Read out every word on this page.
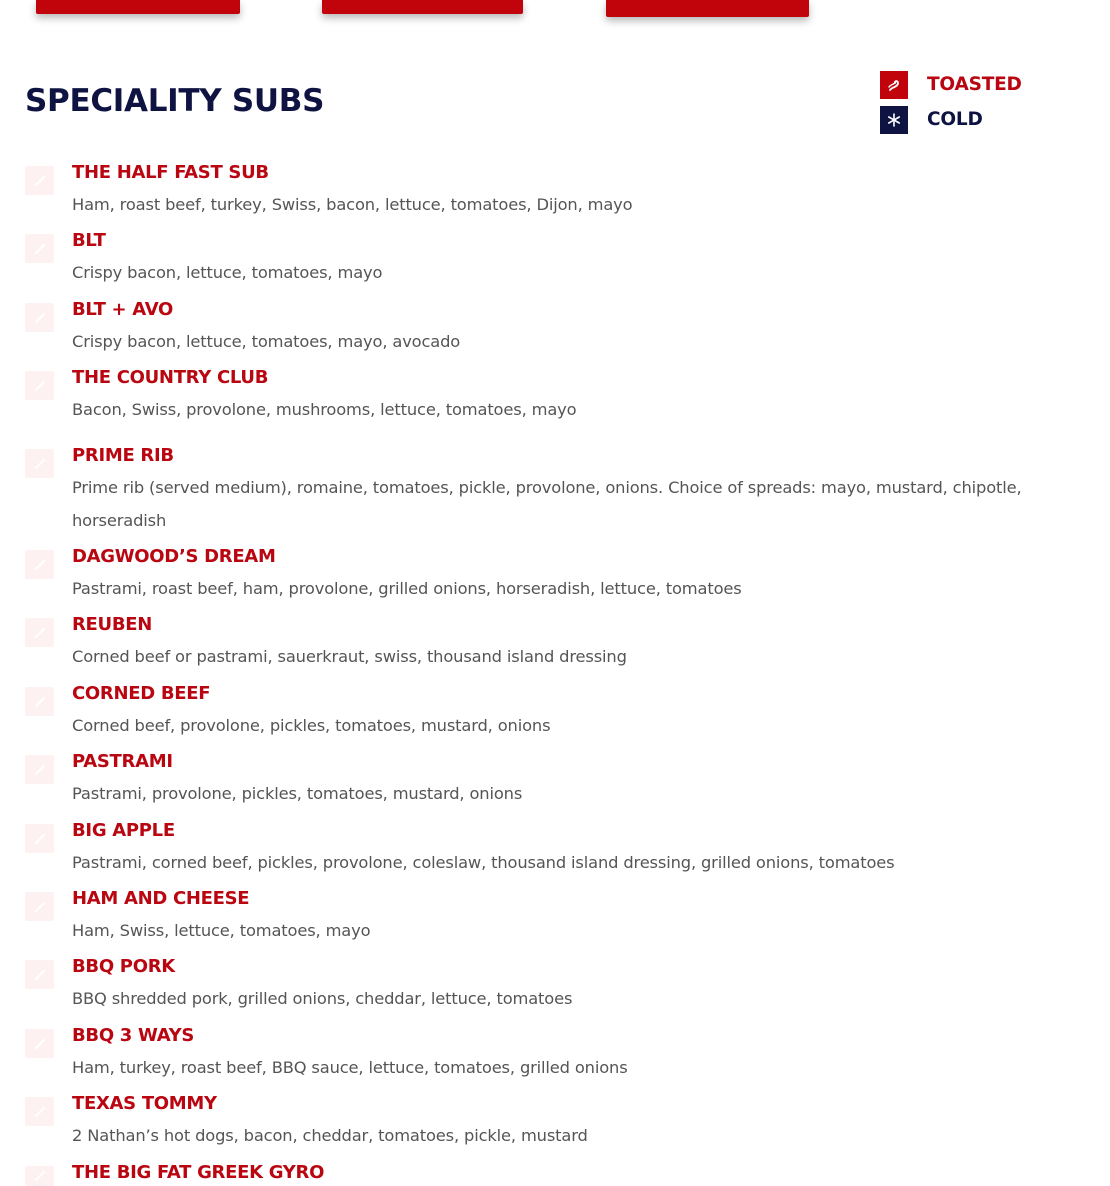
SPECIALITY SUBS	TOASTED
COLD
THE HALF FAST SUB

Ham, roast beef, turkey, Swiss, bacon, lettuce, tomatoes, Dijon, mayo

BLT

Crispy bacon, lettuce, tomatoes, mayo

BLT + AVO

Crispy bacon, lettuce, tomatoes, mayo, avocado

THE COUNTRY CLUB

Bacon, Swiss, provolone, mushrooms, lettuce, tomatoes, mayo

PRIME RIB

Prime rib (served medium), romaine, tomatoes, pickle, provolone, onions. Choice of spreads: mayo, mustard, chipotle, horseradish

DAGWOOD’S DREAM

Pastrami, roast beef, ham, provolone, grilled onions, horseradish, lettuce, tomatoes

REUBEN

Corned beef or pastrami, sauerkraut, swiss, thousand island dressing

CORNED BEEF

Corned beef, provolone, pickles, tomatoes, mustard, onions

PASTRAMI

Pastrami, provolone, pickles, tomatoes, mustard, onions

BIG APPLE

Pastrami, corned beef, pickles, provolone, coleslaw, thousand island dressing, grilled onions, tomatoes

HAM AND CHEESE

Ham, Swiss, lettuce, tomatoes, mayo

BBQ PORK

BBQ shredded pork, grilled onions, cheddar, lettuce, tomatoes

BBQ 3 WAYS

Ham, turkey, roast beef, BBQ sauce, lettuce, tomatoes, grilled onions

TEXAS TOMMY

2 Nathan’s hot dogs, bacon, cheddar, tomatoes, pickle, mustard

THE BIG FAT GREEK GYRO
